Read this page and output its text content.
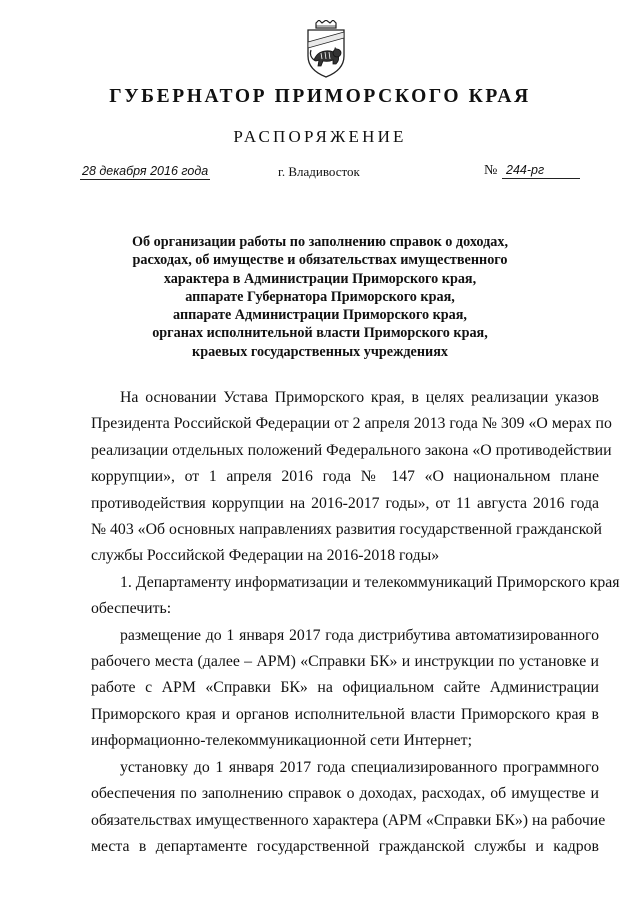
ГУБЕРНАТОР ПРИМОРСКОГО КРАЯ
РАСПОРЯЖЕНИЕ
28 декабря 2016 года	г. Владивосток	№ 244-рг
Об организации работы по заполнению справок о доходах,
расходах, об имуществе и обязательствах имущественного
характера в Администрации Приморского края,
аппарате Губернатора Приморского края,
аппарате Администрации Приморского края,
органах исполнительной власти Приморского края,
краевых государственных учреждениях
На основании Устава Приморского края, в целях реализации указов
Президента Российской Федерации от 2 апреля 2013 года № 309 «О мерах по
реализации отдельных положений Федерального закона «О противодействии
коррупции», от 1 апреля 2016 года № 147 «О национальном плане
противодействия коррупции на 2016-2017 годы», от 11 августа 2016 года
№ 403 «Об основных направлениях развития государственной гражданской
службы Российской Федерации на 2016-2018 годы»
1. Департаменту информатизации и телекоммуникаций Приморского края
обеспечить:
размещение до 1 января 2017 года дистрибутива автоматизированного
рабочего места (далее – АРМ) «Справки БК» и инструкции по установке и
работе с АРМ «Справки БК» на официальном сайте Администрации
Приморского края и органов исполнительной власти Приморского края в
информационно-телекоммуникационной сети Интернет;
установку до 1 января 2017 года специализированного программного
обеспечения по заполнению справок о доходах, расходах, об имуществе и
обязательствах имущественного характера (АРМ «Справки БК») на рабочие
места в департаменте государственной гражданской службы и кадров
